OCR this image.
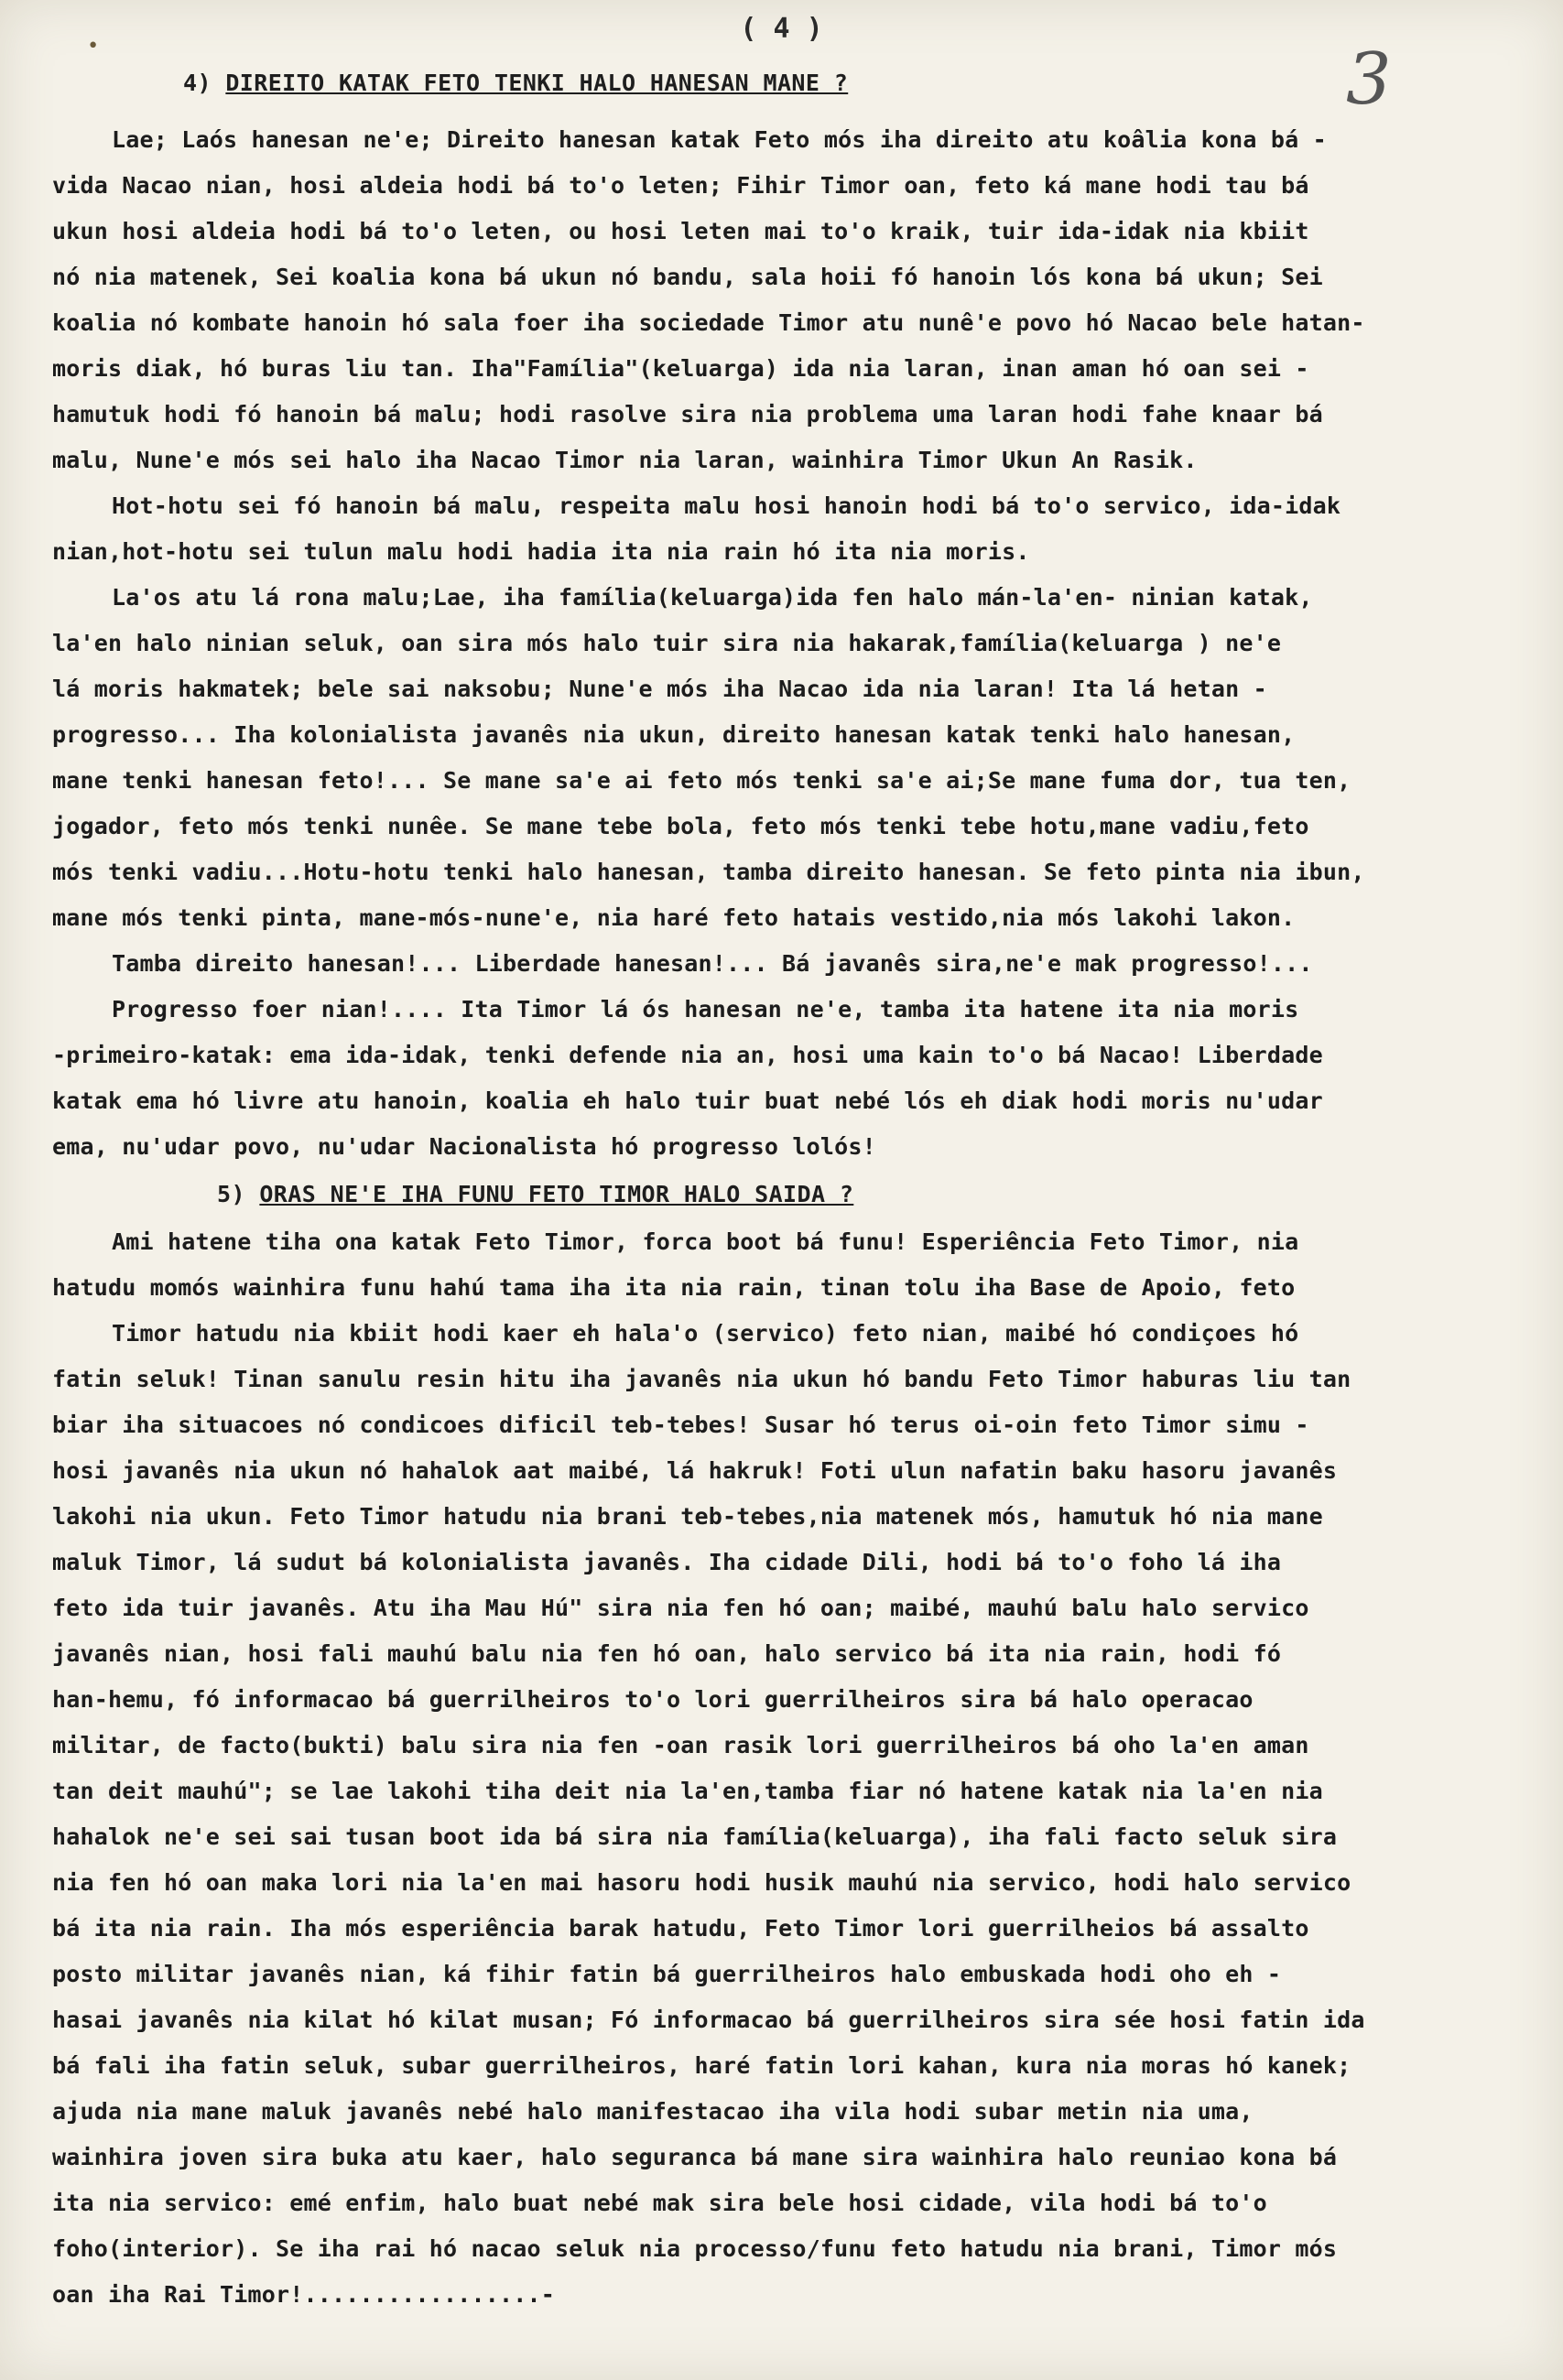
( 4 )
•	3
4) DIREITO KATAK FETO TENKI HALO HANESAN MANE ?
Lae; Laós hanesan ne'e; Direito hanesan katak Feto mós iha direito atu koâlia kona bá -
vida Nacao nian, hosi aldeia hodi bá to'o leten; Fihir Timor oan, feto ká mane hodi tau bá
ukun hosi aldeia hodi bá to'o leten, ou hosi leten mai to'o kraik, tuir ida-idak nia kbiit
nó nia matenek, Sei koalia kona bá ukun nó bandu, sala hoii fó hanoin lós kona bá ukun; Sei
koalia nó kombate hanoin hó sala foer iha sociedade Timor atu nunê'e povo hó Nacao bele hatan-
moris diak, hó buras liu tan. Iha"Família"(keluarga) ida nia laran, inan aman hó oan sei -
hamutuk hodi fó hanoin bá malu; hodi rasolve sira nia problema uma laran hodi fahe knaar bá
malu, Nune'e mós sei halo iha Nacao Timor nia laran, wainhira Timor Ukun An Rasik.
Hot-hotu sei fó hanoin bá malu, respeita malu hosi hanoin hodi bá to'o servico, ida-idak
nian,hot-hotu sei tulun malu hodi hadia ita nia rain hó ita nia moris.
La'os atu lá rona malu;Lae, iha família(keluarga)ida fen halo mán-la'en- ninian katak,
la'en halo ninian seluk, oan sira mós halo tuir sira nia hakarak,família(keluarga ) ne'e
lá moris hakmatek; bele sai naksobu; Nune'e mós iha Nacao ida nia laran! Ita lá hetan -
progresso... Iha kolonialista javanês nia ukun, direito hanesan katak tenki halo hanesan,
mane tenki hanesan feto!... Se mane sa'e ai feto mós tenki sa'e ai;Se mane fuma dor, tua ten,
jogador, feto mós tenki nunêe. Se mane tebe bola, feto mós tenki tebe hotu,mane vadiu,feto
mós tenki vadiu...Hotu-hotu tenki halo hanesan, tamba direito hanesan. Se feto pinta nia ibun,
mane mós tenki pinta, mane-mós-nune'e, nia haré feto hatais vestido,nia mós lakohi lakon.
Tamba direito hanesan!... Liberdade hanesan!... Bá javanês sira,ne'e mak progresso!...
Progresso foer nian!.... Ita Timor lá ós hanesan ne'e, tamba ita hatene ita nia moris
-primeiro-katak: ema ida-idak, tenki defende nia an, hosi uma kain to'o bá Nacao! Liberdade
katak ema hó livre atu hanoin, koalia eh halo tuir buat nebé lós eh diak hodi moris nu'udar
ema, nu'udar povo, nu'udar Nacionalista hó progresso lolós!
5) ORAS NE'E IHA FUNU FETO TIMOR HALO SAIDA ?
Ami hatene tiha ona katak Feto Timor, forca boot bá funu! Esperiência Feto Timor, nia
hatudu momós wainhira funu hahú tama iha ita nia rain, tinan tolu iha Base de Apoio, feto
Timor hatudu nia kbiit hodi kaer eh hala'o (servico) feto nian, maibé hó condiçoes hó
fatin seluk! Tinan sanulu resin hitu iha javanês nia ukun hó bandu Feto Timor haburas liu tan
biar iha situacoes nó condicoes dificil teb-tebes! Susar hó terus oi-oin feto Timor simu -
hosi javanês nia ukun nó hahalok aat maibé, lá hakruk! Foti ulun nafatin baku hasoru javanês
lakohi nia ukun. Feto Timor hatudu nia brani teb-tebes,nia matenek mós, hamutuk hó nia mane
maluk Timor, lá sudut bá kolonialista javanês. Iha cidade Dili, hodi bá to'o foho lá iha
feto ida tuir javanês. Atu iha Mau Hú" sira nia fen hó oan; maibé, mauhú balu halo servico
javanês nian, hosi fali mauhú balu nia fen hó oan, halo servico bá ita nia rain, hodi fó
han-hemu, fó informacao bá guerrilheiros to'o lori guerrilheiros sira bá halo operacao
militar, de facto(bukti) balu sira nia fen -oan rasik lori guerrilheiros bá oho la'en aman
tan deit mauhú"; se lae lakohi tiha deit nia la'en,tamba fiar nó hatene katak nia la'en nia
hahalok ne'e sei sai tusan boot ida bá sira nia família(keluarga), iha fali facto seluk sira
nia fen hó oan maka lori nia la'en mai hasoru hodi husik mauhú nia servico, hodi halo servico
bá ita nia rain. Iha mós esperiência barak hatudu, Feto Timor lori guerrilheios bá assalto
posto militar javanês nian, ká fihir fatin bá guerrilheiros halo embuskada hodi oho eh -
hasai javanês nia kilat hó kilat musan; Fó informacao bá guerrilheiros sira sée hosi fatin ida
bá fali iha fatin seluk, subar guerrilheiros, haré fatin lori kahan, kura nia moras hó kanek;
ajuda nia mane maluk javanês nebé halo manifestacao iha vila hodi subar metin nia uma,
wainhira joven sira buka atu kaer, halo seguranca bá mane sira wainhira halo reuniao kona bá
ita nia servico: emé enfim, halo buat nebé mak sira bele hosi cidade, vila hodi bá to'o
foho(interior). Se iha rai hó nacao seluk nia processo/funu feto hatudu nia brani, Timor mós
oan iha Rai Timor!.................-
